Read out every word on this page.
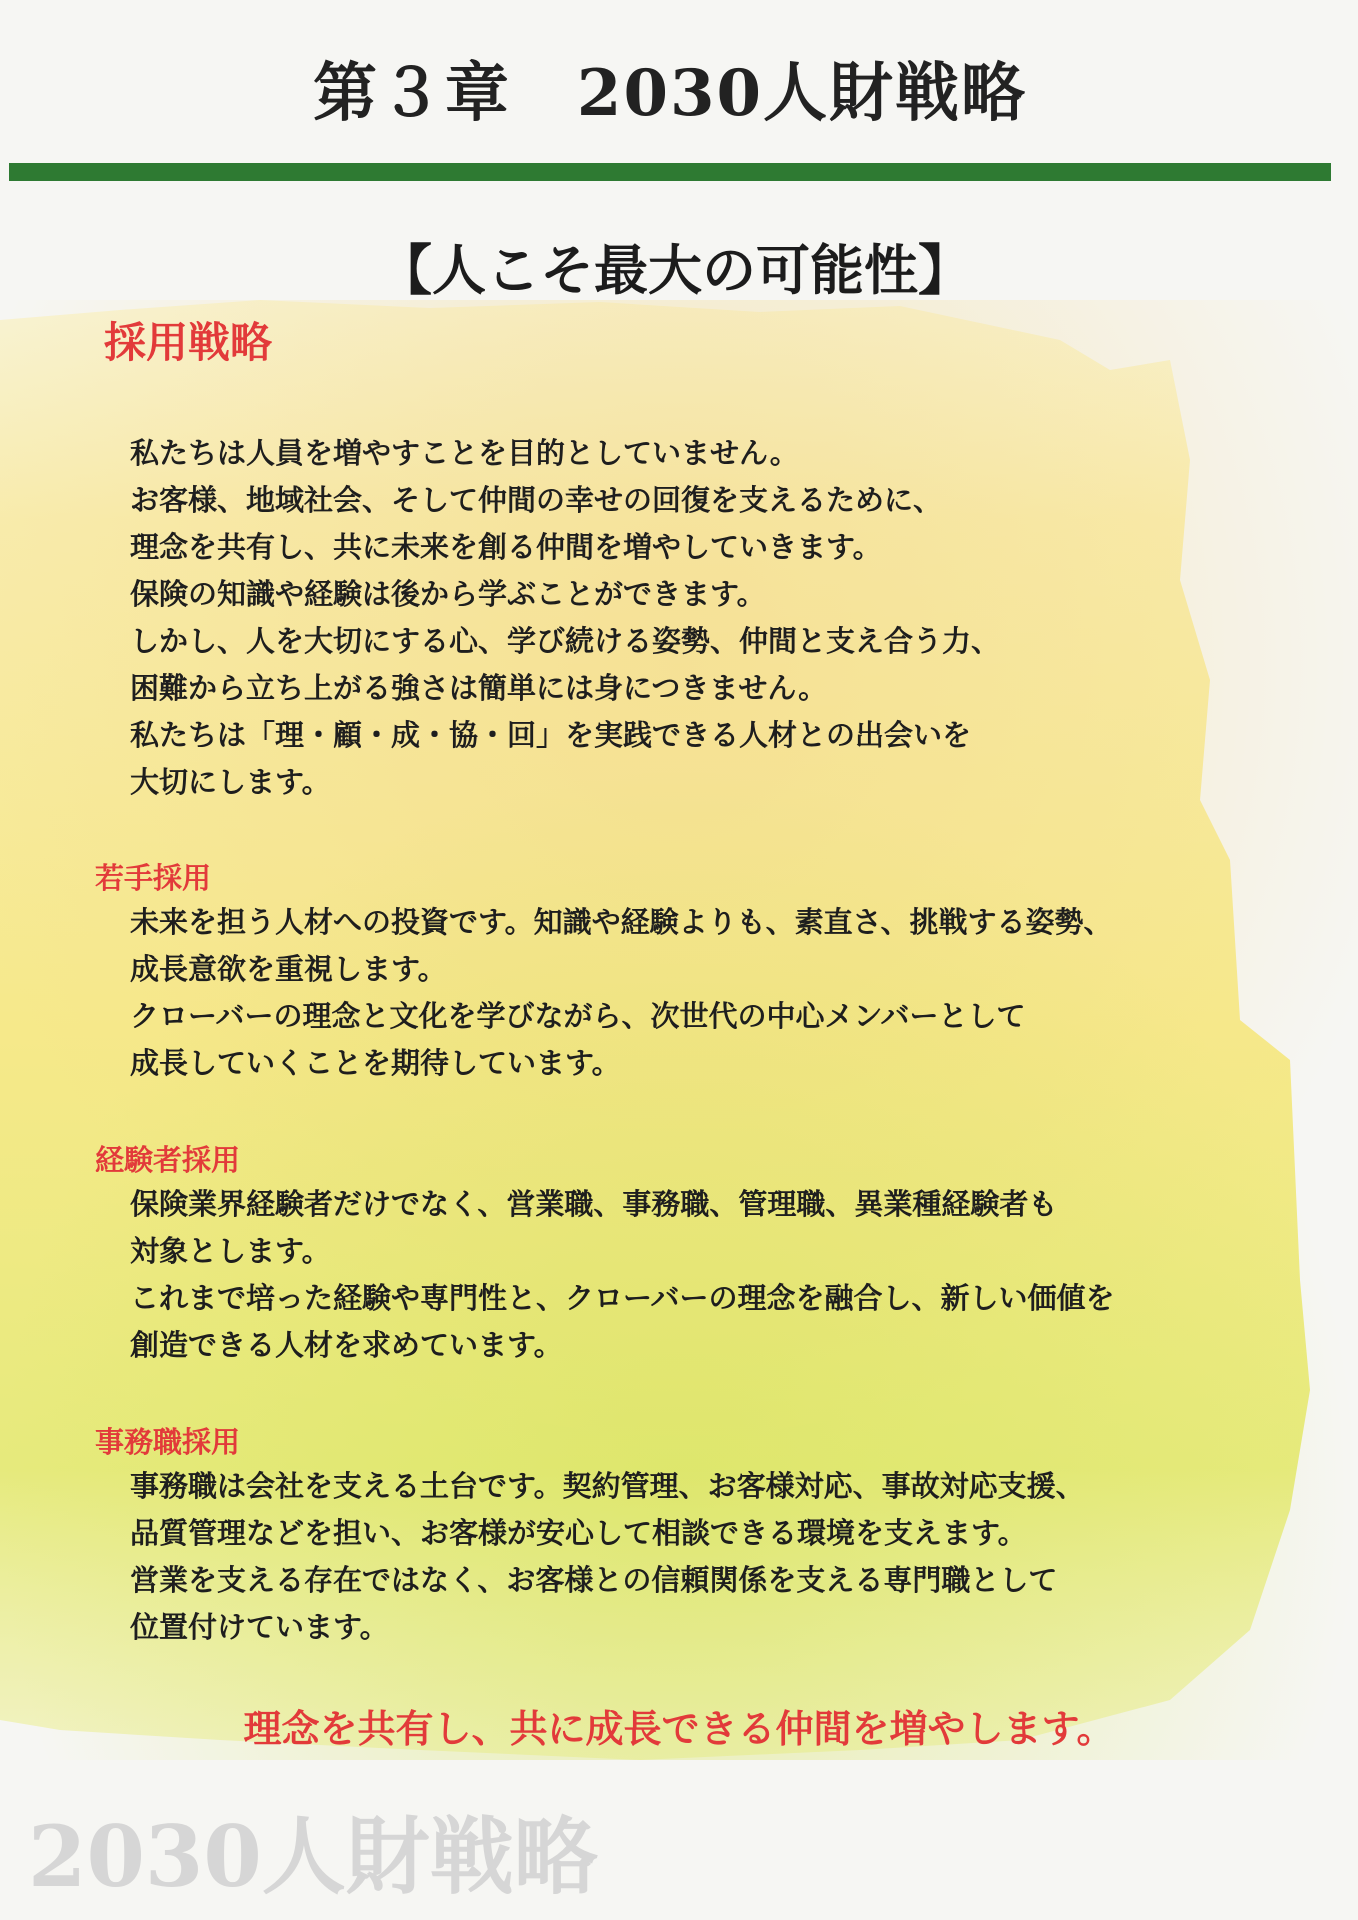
第３章　2030人財戦略
【人こそ最大の可能性】
採用戦略
私たちは人員を増やすことを目的としていません。
お客様、地域社会、そして仲間の幸せの回復を支えるために、
理念を共有し、共に未来を創る仲間を増やしていきます。
保険の知識や経験は後から学ぶことができます。
しかし、人を大切にする心、学び続ける姿勢、仲間と支え合う力、
困難から立ち上がる強さは簡単には身につきません。
私たちは「理・顧・成・協・回」を実践できる人材との出会いを
大切にします。
若手採用
未来を担う人材への投資です。知識や経験よりも、素直さ、挑戦する姿勢、
成長意欲を重視します。
クローバーの理念と文化を学びながら、次世代の中心メンバーとして
成長していくことを期待しています。
経験者採用
保険業界経験者だけでなく、営業職、事務職、管理職、異業種経験者も
対象とします。
これまで培った経験や専門性と、クローバーの理念を融合し、新しい価値を
創造できる人材を求めています。
事務職採用
事務職は会社を支える土台です。契約管理、お客様対応、事故対応支援、
品質管理などを担い、お客様が安心して相談できる環境を支えます。
営業を支える存在ではなく、お客様との信頼関係を支える専門職として
位置付けています。

理念を共有し、共に成長できる仲間を増やします。

2030人財戦略
